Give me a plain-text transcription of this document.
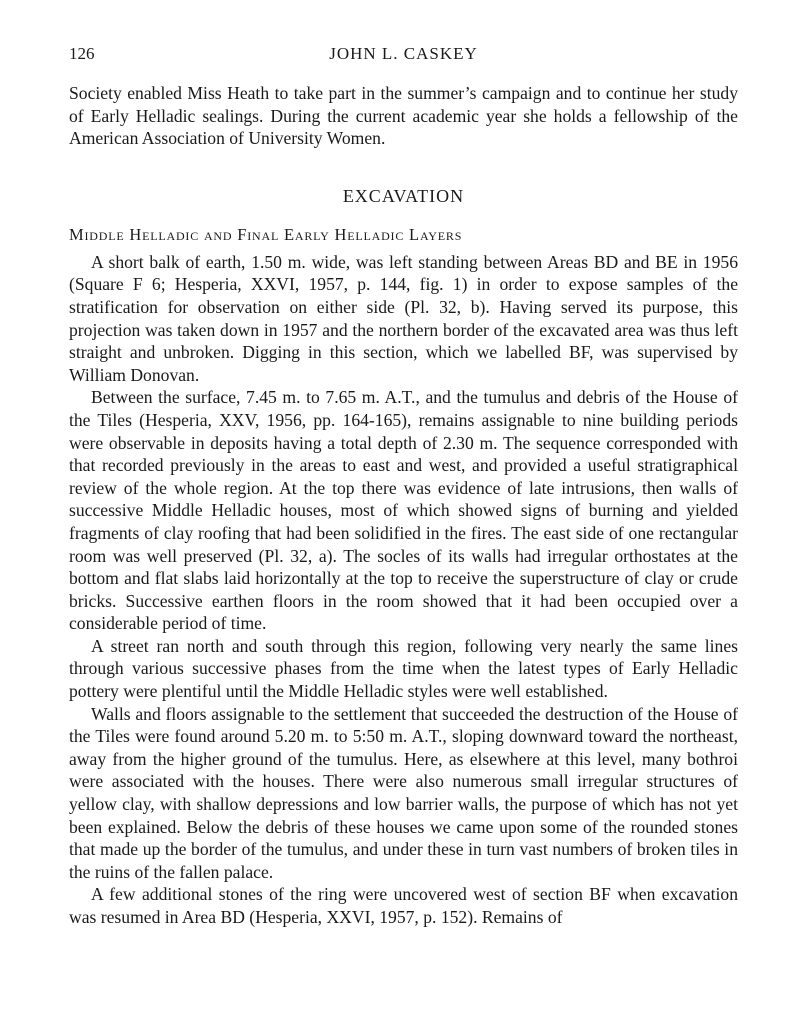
126	JOHN L. CASKEY

Society enabled Miss Heath to take part in the summer’s campaign and to continue her study of Early Helladic sealings. During the current academic year she holds a fellowship of the American Association of University Women.

EXCAVATION
Middle Helladic and Final Early Helladic Layers

A short balk of earth, 1.50 m. wide, was left standing between Areas BD and BE in 1956 (Square F 6; Hesperia, XXVI, 1957, p. 144, fig. 1) in order to expose samples of the stratification for observation on either side (Pl. 32, b). Having served its purpose, this projection was taken down in 1957 and the northern border of the excavated area was thus left straight and unbroken. Digging in this section, which we labelled BF, was supervised by William Donovan.

Between the surface, 7.45 m. to 7.65 m. A.T., and the tumulus and debris of the House of the Tiles (Hesperia, XXV, 1956, pp. 164-165), remains assignable to nine building periods were observable in deposits having a total depth of 2.30 m. The sequence corresponded with that recorded previously in the areas to east and west, and provided a useful stratigraphical review of the whole region. At the top there was evidence of late intrusions, then walls of successive Middle Helladic houses, most of which showed signs of burning and yielded fragments of clay roofing that had been solidified in the fires. The east side of one rectangular room was well preserved (Pl. 32, a). The socles of its walls had irregular orthostates at the bottom and flat slabs laid horizontally at the top to receive the superstructure of clay or crude bricks. Successive earthen floors in the room showed that it had been occupied over a considerable period of time.

A street ran north and south through this region, following very nearly the same lines through various successive phases from the time when the latest types of Early Helladic pottery were plentiful until the Middle Helladic styles were well established.

Walls and floors assignable to the settlement that succeeded the destruction of the House of the Tiles were found around 5.20 m. to 5:50 m. A.T., sloping downward toward the northeast, away from the higher ground of the tumulus. Here, as elsewhere at this level, many bothroi were associated with the houses. There were also numerous small irregular structures of yellow clay, with shallow depressions and low barrier walls, the purpose of which has not yet been explained. Below the debris of these houses we came upon some of the rounded stones that made up the border of the tumulus, and under these in turn vast numbers of broken tiles in the ruins of the fallen palace.

A few additional stones of the ring were uncovered west of section BF when excavation was resumed in Area BD (Hesperia, XXVI, 1957, p. 152). Remains of
